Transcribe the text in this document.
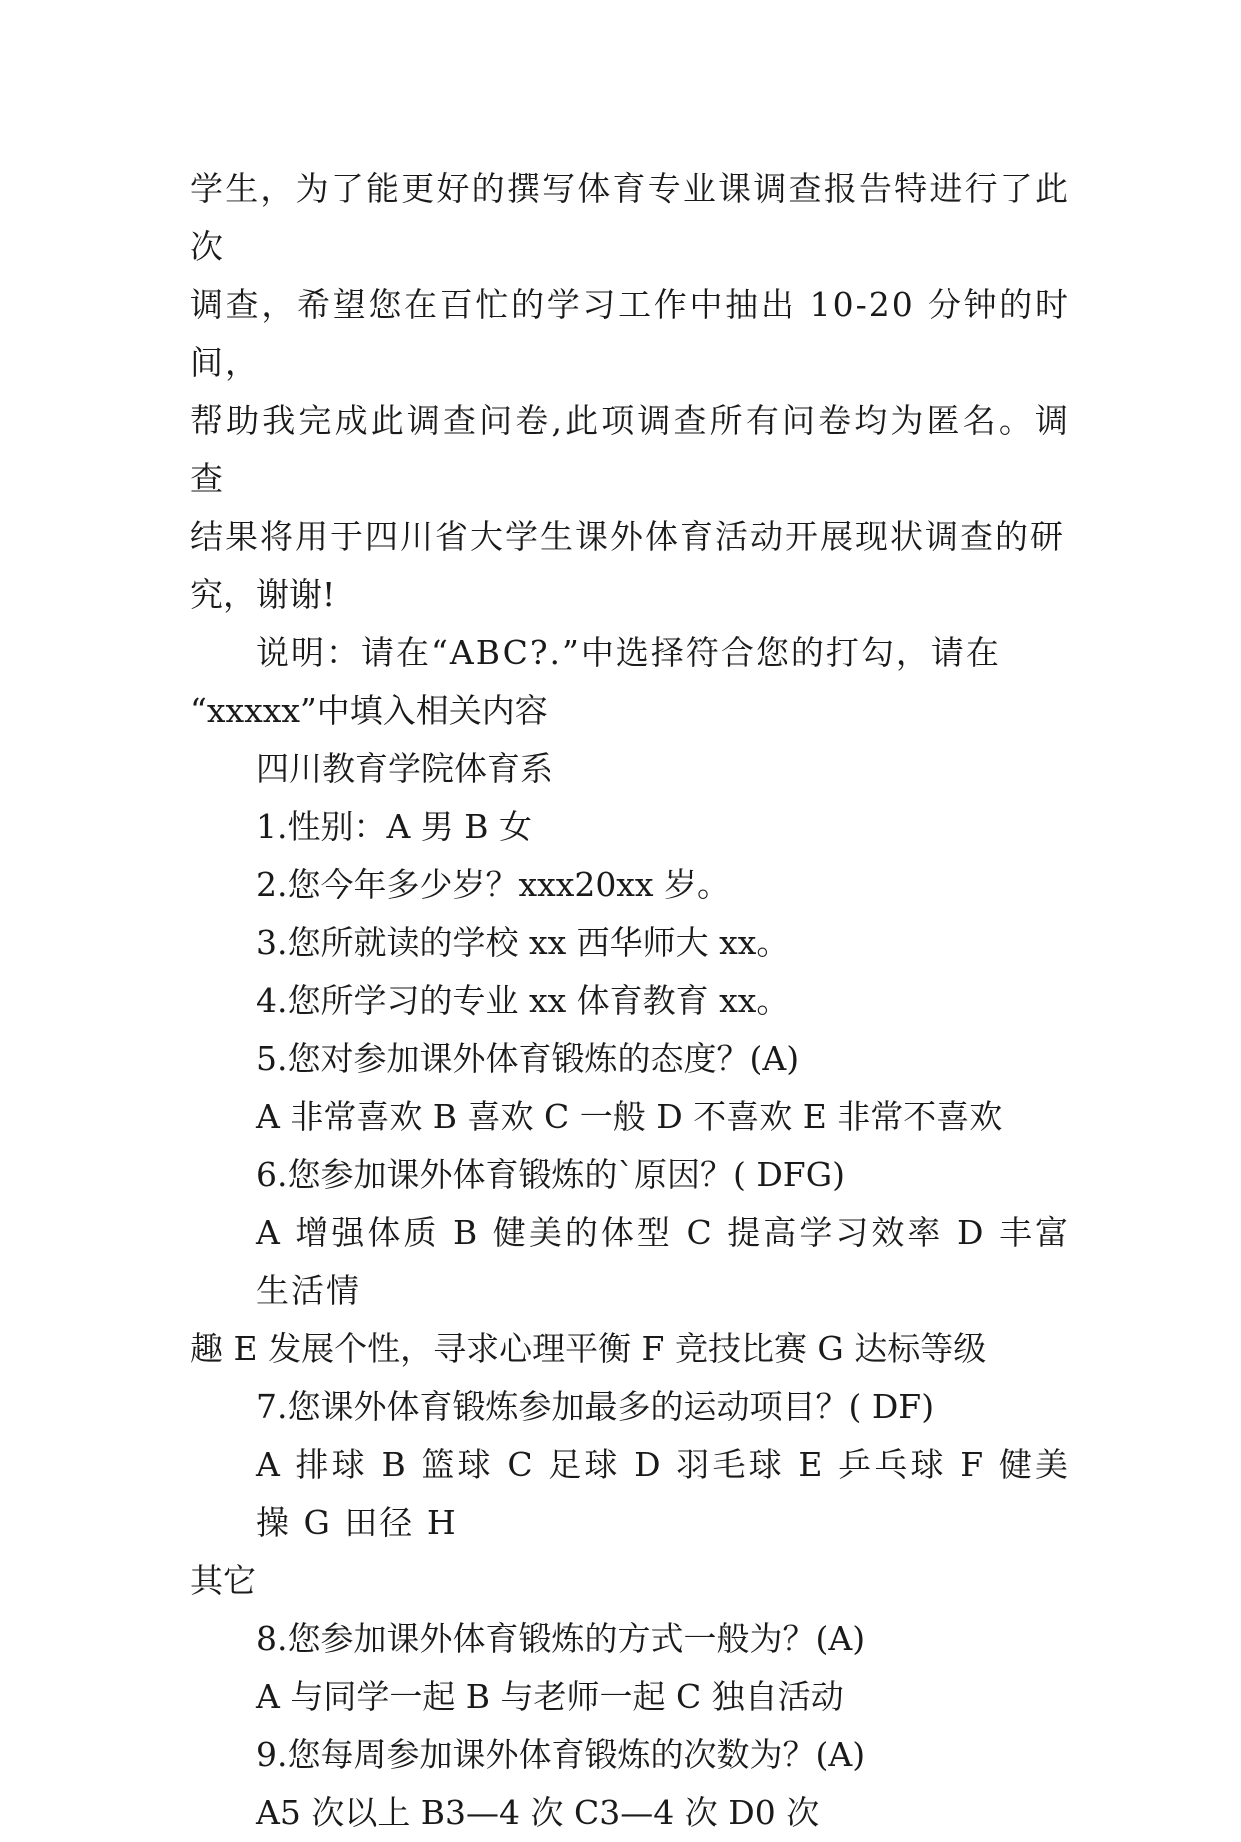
学生，为了能更好的撰写体育专业课调查报告特进行了此次

调查，希望您在百忙的学习工作中抽出 10-20 分钟的时间，

帮助我完成此调查问卷,此项调查所有问卷均为匿名。调查

结果将用于四川省大学生课外体育活动开展现状调查的研

究，谢谢!

说明：请在“ABC?.”中选择符合您的打勾，请在

“xxxxx”中填入相关内容

四川教育学院体育系

1.性别：A 男 B 女

2.您今年多少岁？xxx20xx 岁。

3.您所就读的学校 xx 西华师大 xx。

4.您所学习的专业 xx 体育教育 xx。

5.您对参加课外体育锻炼的态度？(A)

A 非常喜欢 B 喜欢 C 一般 D 不喜欢 E 非常不喜欢

6.您参加课外体育锻炼的`原因？( DFG)

A 增强体质 B 健美的体型 C 提高学习效率 D 丰富生活情

趣 E 发展个性，寻求心理平衡 F 竞技比赛 G 达标等级

7.您课外体育锻炼参加最多的运动项目？( DF)

A 排球 B 篮球 C 足球 D 羽毛球 E 乒乓球 F 健美操 G 田径 H

其它

8.您参加课外体育锻炼的方式一般为？(A)

A 与同学一起 B 与老师一起 C 独自活动

9.您每周参加课外体育锻炼的次数为？(A)

A5 次以上 B3—4 次 C3—4 次 D0 次
